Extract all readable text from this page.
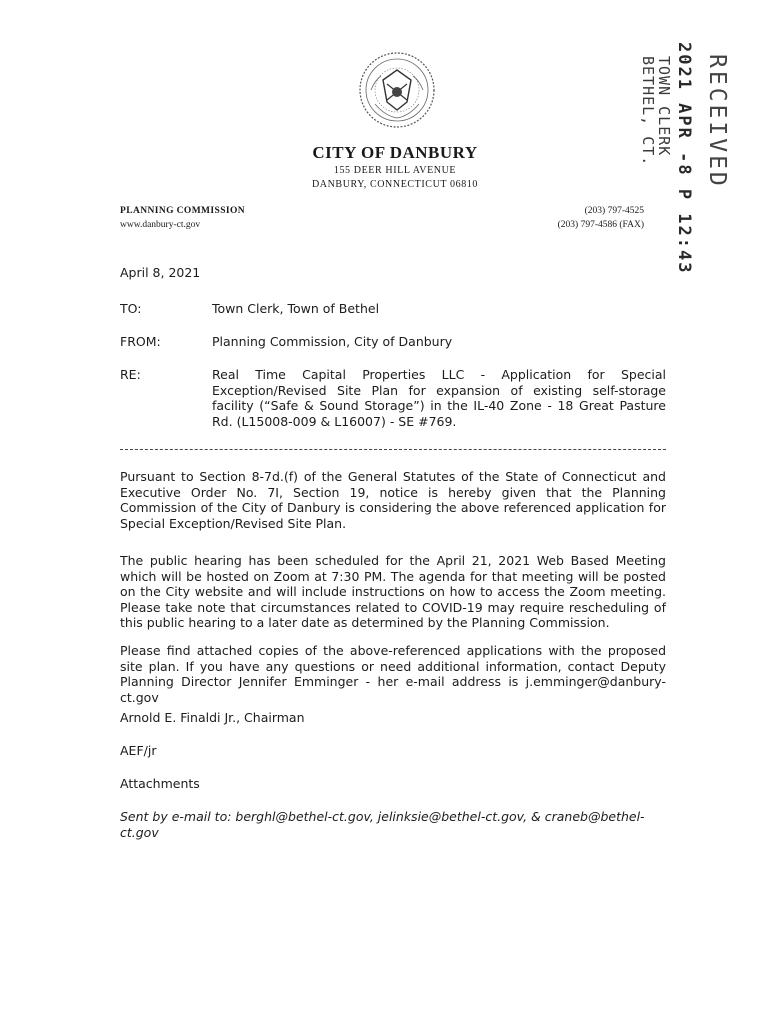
CITY OF DANBURY
155 DEER HILL AVENUE
DANBURY, CONNECTICUT 06810
PLANNING COMMISSION
www.danbury-ct.gov
(203) 797-4525
(203) 797-4586 (FAX)
RECEIVED
2021 APR -8 P 12:43
TOWN CLERK
BETHEL, CT.
April 8, 2021
TO:	Town Clerk, Town of Bethel
FROM:	Planning Commission, City of Danbury
RE:	Real Time Capital Properties LLC - Application for Special Exception/Revised Site Plan for expansion of existing self-storage facility (“Safe & Sound Storage”) in the IL-40 Zone - 18 Great Pasture Rd. (L15008-009 & L16007) - SE #769.
Pursuant to Section 8-7d.(f) of the General Statutes of the State of Connecticut and Executive Order No. 7I, Section 19, notice is hereby given that the Planning Commission of the City of Danbury is considering the above referenced application for Special Exception/Revised Site Plan.
The public hearing has been scheduled for the April 21, 2021 Web Based Meeting which will be hosted on Zoom at 7:30 PM. The agenda for that meeting will be posted on the City website and will include instructions on how to access the Zoom meeting. Please take note that circumstances related to COVID-19 may require rescheduling of this public hearing to a later date as determined by the Planning Commission.
Please find attached copies of the above-referenced applications with the proposed site plan. If you have any questions or need additional information, contact Deputy Planning Director Jennifer Emminger - her e-mail address is j.emminger@danbury-ct.gov
Arnold E. Finaldi Jr., Chairman
AEF/jr
Attachments
Sent by e-mail to: berghl@bethel-ct.gov, jelinksie@bethel-ct.gov, & craneb@bethel-ct.gov
